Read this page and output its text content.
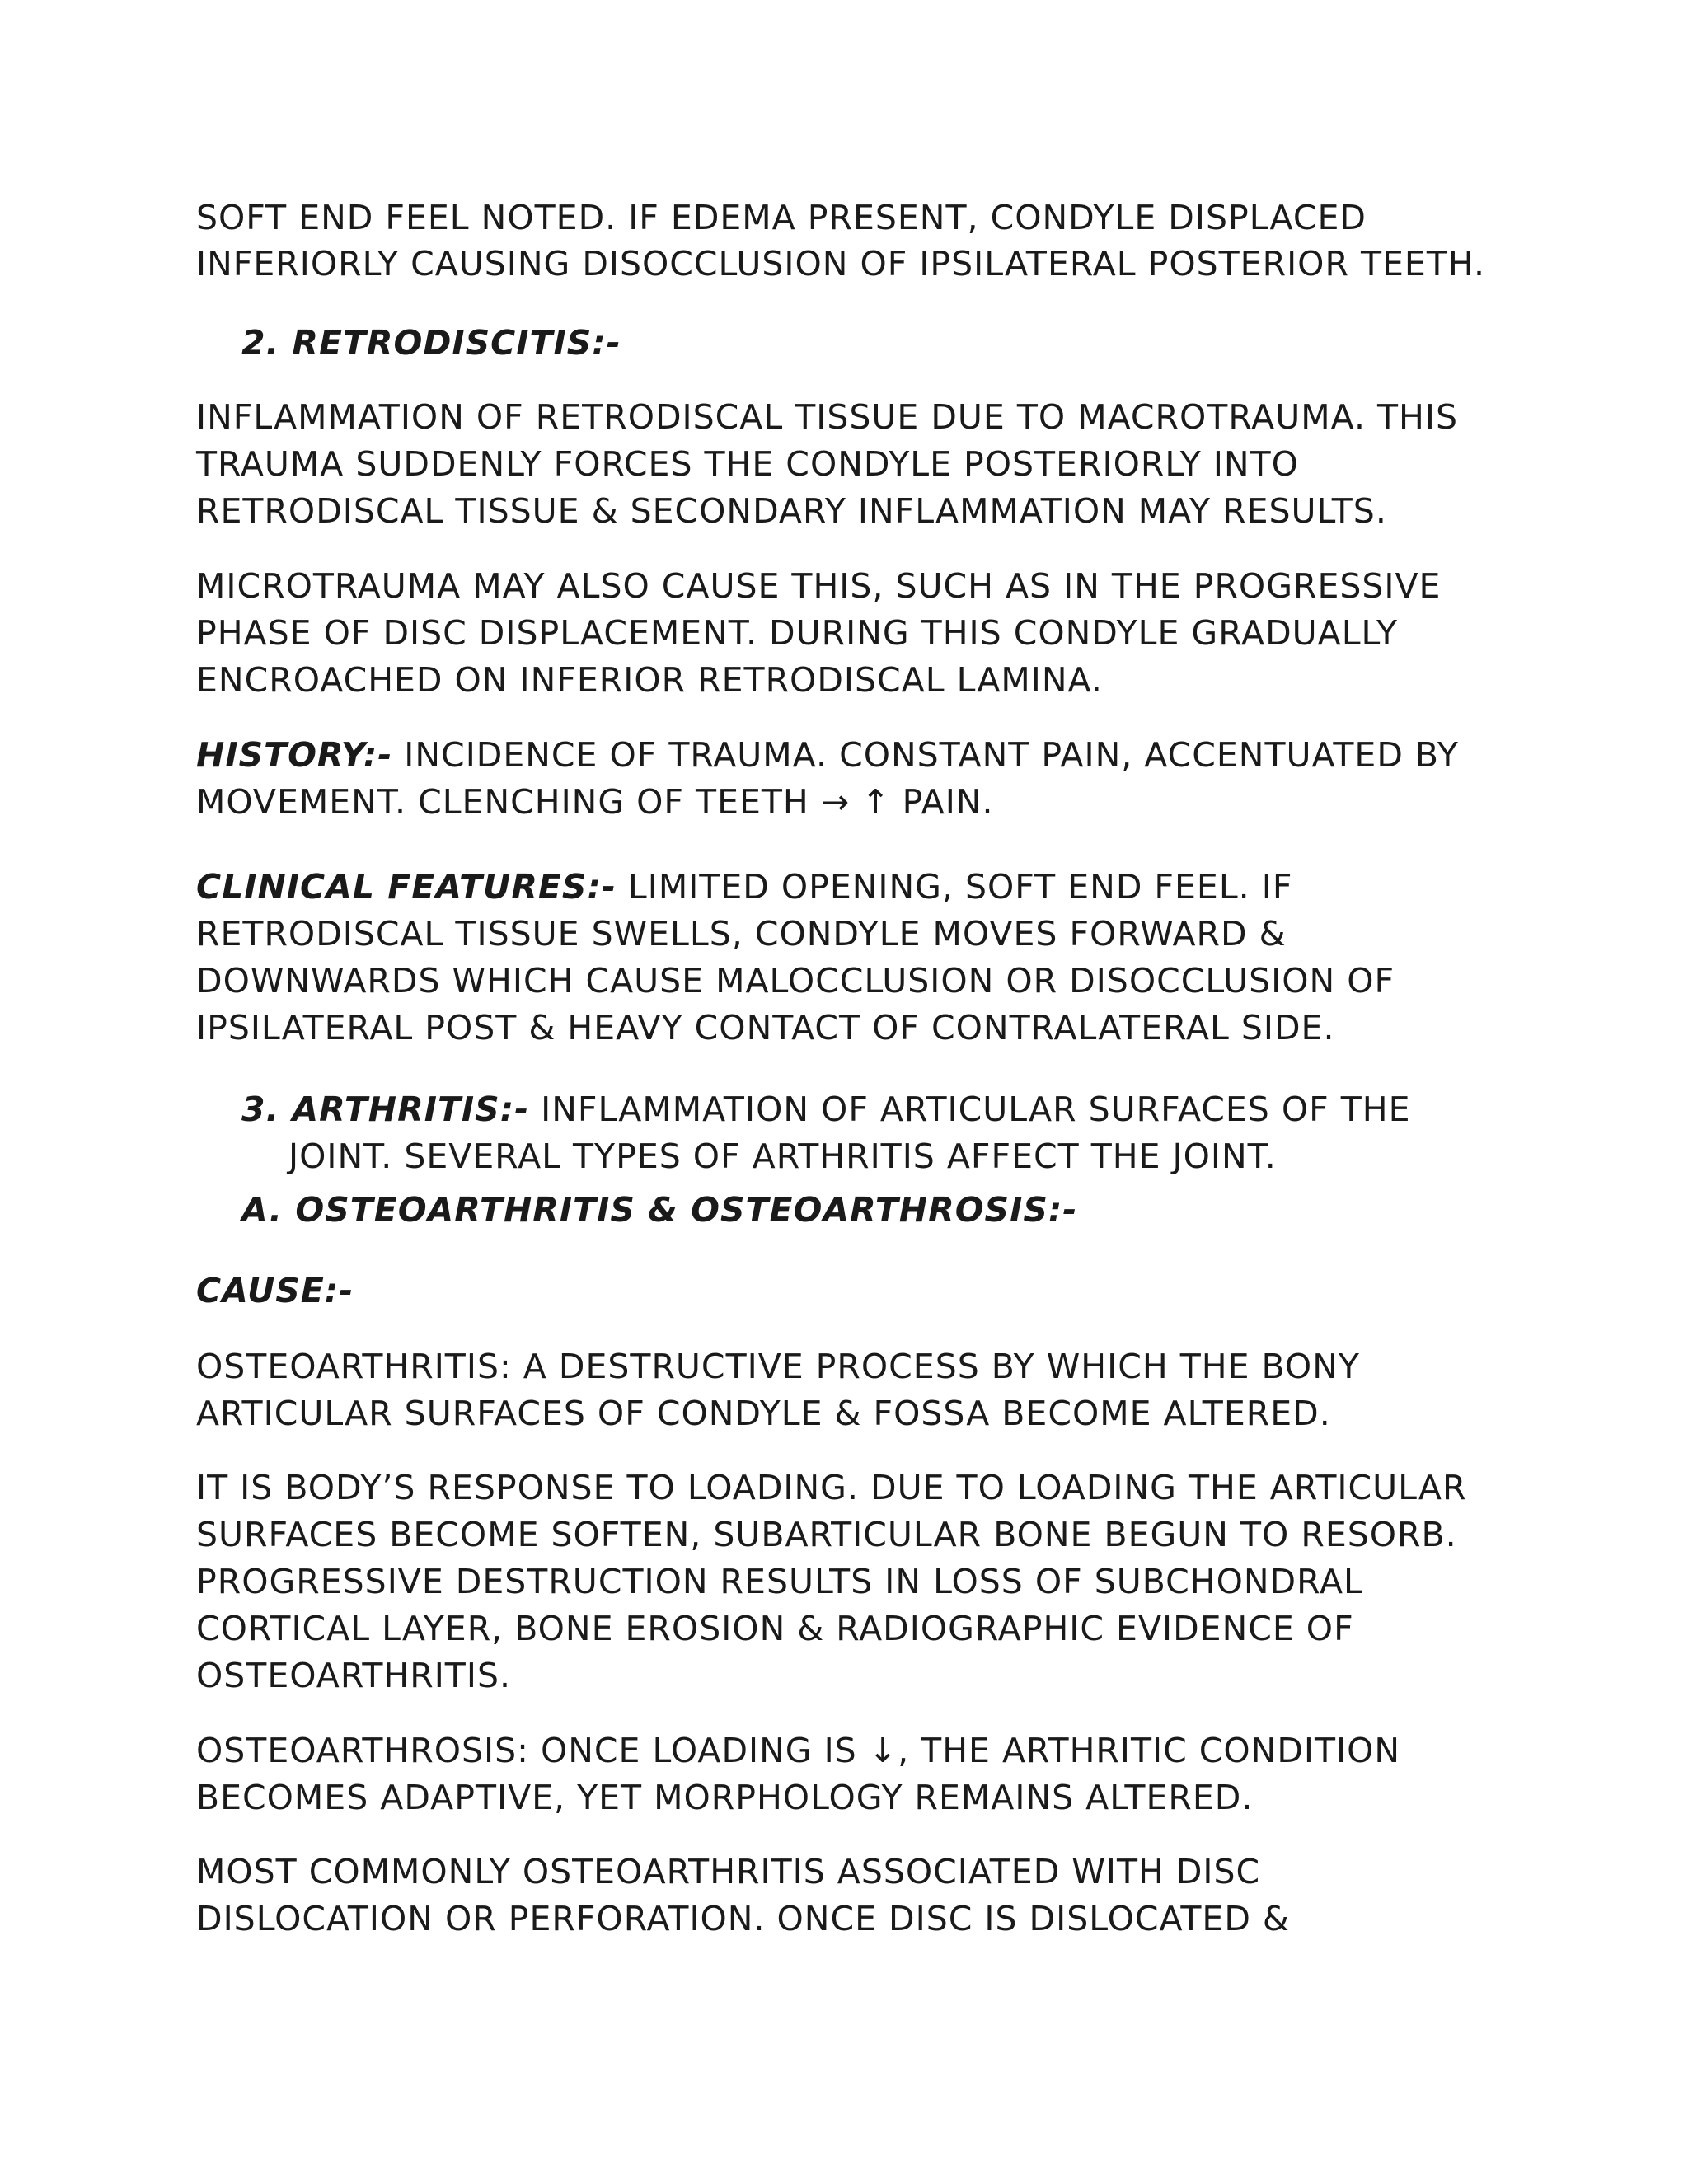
SOFT END FEEL NOTED. IF EDEMA PRESENT, CONDYLE DISPLACED

INFERIORLY CAUSING DISOCCLUSION OF IPSILATERAL POSTERIOR TEETH.

2. RETRODISCITIS:-

INFLAMMATION OF RETRODISCAL TISSUE DUE TO MACROTRAUMA. THIS

TRAUMA SUDDENLY FORCES THE CONDYLE POSTERIORLY INTO

RETRODISCAL TISSUE & SECONDARY INFLAMMATION MAY RESULTS.

MICROTRAUMA MAY ALSO CAUSE THIS, SUCH AS IN THE PROGRESSIVE

PHASE OF DISC DISPLACEMENT. DURING THIS CONDYLE GRADUALLY

ENCROACHED ON INFERIOR RETRODISCAL LAMINA.

HISTORY:- INCIDENCE OF TRAUMA. CONSTANT PAIN, ACCENTUATED BY

MOVEMENT. CLENCHING OF TEETH → ↑ PAIN.

CLINICAL FEATURES:- LIMITED OPENING, SOFT END FEEL. IF

RETRODISCAL TISSUE SWELLS, CONDYLE MOVES FORWARD &

DOWNWARDS WHICH CAUSE MALOCCLUSION OR DISOCCLUSION OF

IPSILATERAL POST & HEAVY CONTACT OF CONTRALATERAL SIDE.

3. ARTHRITIS:- INFLAMMATION OF ARTICULAR SURFACES OF THE

JOINT. SEVERAL TYPES OF ARTHRITIS AFFECT THE JOINT.

A. OSTEOARTHRITIS & OSTEOARTHROSIS:-

CAUSE:-

OSTEOARTHRITIS: A DESTRUCTIVE PROCESS BY WHICH THE BONY

ARTICULAR SURFACES OF CONDYLE & FOSSA BECOME ALTERED.

IT IS BODY’S RESPONSE TO LOADING. DUE TO LOADING THE ARTICULAR

SURFACES BECOME SOFTEN, SUBARTICULAR BONE BEGUN TO RESORB.

PROGRESSIVE DESTRUCTION RESULTS IN LOSS OF SUBCHONDRAL

CORTICAL LAYER, BONE EROSION & RADIOGRAPHIC EVIDENCE OF

OSTEOARTHRITIS.

OSTEOARTHROSIS: ONCE LOADING IS ↓, THE ARTHRITIC CONDITION

BECOMES ADAPTIVE, YET MORPHOLOGY REMAINS ALTERED.

MOST COMMONLY OSTEOARTHRITIS ASSOCIATED WITH DISC

DISLOCATION OR PERFORATION. ONCE DISC IS DISLOCATED &
